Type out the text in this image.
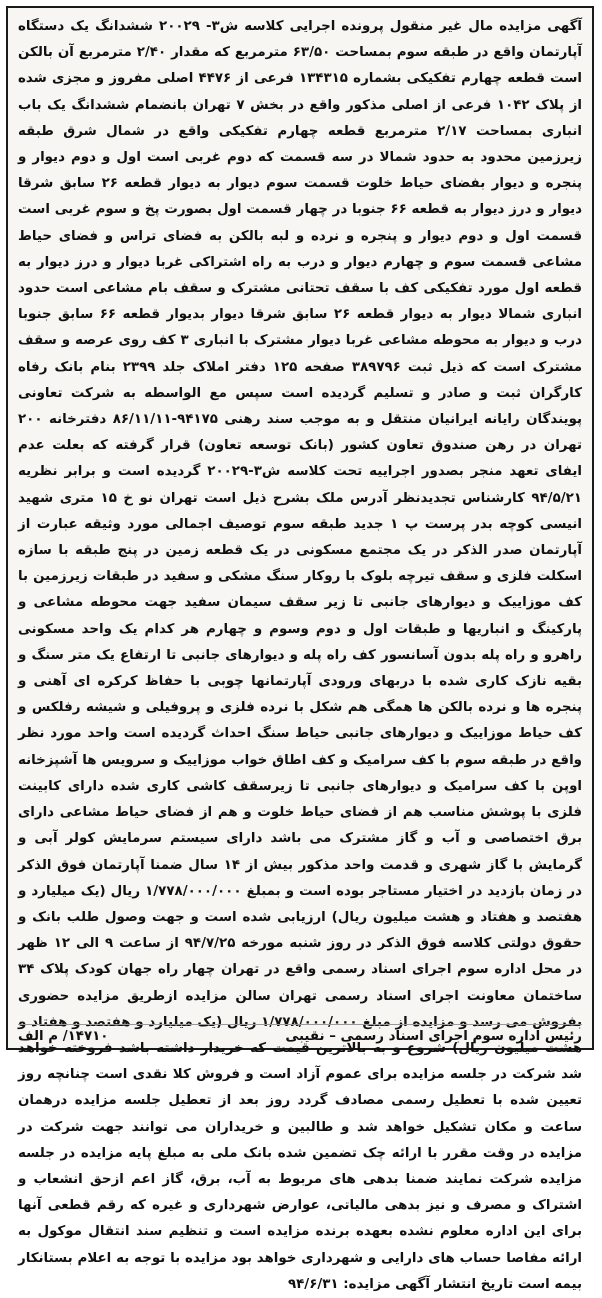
آگهی مزایده مال غیر منقول پرونده اجرایی کلاسه ش۳- ۲۰۰۲۹ ششدانگ یک دستگاه آپارتمان واقع در طبقه سوم بمساحت ۶۳/۵۰ مترمربع که مقدار ۲/۴۰ مترمربع آن بالکن است قطعه چهارم تفکیکی بشماره ۱۳۴۳۱۵ فرعی از ۴۴۷۶ اصلی مفروز و مجزی شده از پلاک ۱۰۴۲ فرعی از اصلی مذکور واقع در بخش ۷ تهران بانضمام ششدانگ یک باب انباری بمساحت ۲/۱۷ مترمربع قطعه چهارم تفکیکی واقع در شمال شرق طبقه زیرزمین محدود به حدود شمالا در سه قسمت که دوم غربی است اول و دوم دیوار و پنجره و دیوار بفضای حیاط خلوت قسمت سوم دیوار به دیوار قطعه ۲۶ سابق شرقا دیوار و درز دیوار به قطعه ۶۶ جنوبا در چهار قسمت اول بصورت پخ و سوم غربی است قسمت اول و دوم دیوار و پنجره و نرده و لبه بالکن به فضای تراس و فضای حیاط مشاعی قسمت سوم و چهارم دیوار و درب به راه اشتراکی غربا دیوار و درز دیوار به قطعه اول مورد تفکیکی کف با سقف تحتانی مشترک و سقف بام مشاعی است حدود انباری شمالا دیوار به دیوار قطعه ۲۶ سابق شرقا دیوار بدیوار قطعه ۶۶ سابق جنوبا درب و دیوار به محوطه مشاعی غربا دیوار مشترک با انباری ۳ کف روی عرصه و سقف مشترک است که ذیل ثبت ۳۸۹۷۹۶ صفحه ۱۲۵ دفتر املاک جلد ۲۳۹۹ بنام بانک رفاه کارگران ثبت و صادر و تسلیم گردیده است سپس مع الواسطه به شرکت تعاونی پویندگان رایانه ایرانیان منتقل و به موجب سند رهنی ۹۴۱۷۵-۸۶/۱۱/۱۱ دفترخانه ۲۰۰ تهران در رهن صندوق تعاون کشور (بانک توسعه تعاون) قرار گرفته که بعلت عدم ایفای تعهد منجر بصدور اجراییه تحت کلاسه ش۳-۲۰۰۲۹ گردیده است و برابر نظریه ۹۴/۵/۲۱ کارشناس تجدیدنظر آدرس ملک بشرح ذیل است تهران نو خ ۱۵ متری شهید انیسی کوچه بدر پرست پ ۱ جدید طبقه سوم توصیف اجمالی مورد وثیقه عبارت از آپارتمان صدر الذکر در یک مجتمع مسکونی در یک قطعه زمین در پنج طبقه با سازه اسکلت فلزی و سقف تیرچه بلوک با روکار سنگ مشکی و سفید در طبقات زیرزمین با کف موزاییک و دیوارهای جانبی تا زیر سقف سیمان سفید جهت محوطه مشاعی و پارکینگ و انباریها و طبقات اول و دوم وسوم و چهارم هر کدام یک واحد مسکونی راهرو و راه پله بدون آسانسور کف راه پله و دیوارهای جانبی تا ارتفاع یک متر سنگ و بقیه نازک کاری شده با دربهای ورودی آپارتمانها چوبی با حفاظ کرکره ای آهنی و پنجره ها و نرده بالکن ها همگی هم شکل با نرده فلزی و پروفیلی و شیشه رفلکس و کف حیاط موزاییک و دیوارهای جانبی حیاط سنگ احداث گردیده است واحد مورد نظر واقع در طبقه سوم با کف سرامیک و کف اطاق خواب موزاییک و سرویس ها آشپزخانه اوپن با کف سرامیک و دیوارهای جانبی تا زیرسقف کاشی کاری شده دارای کابینت فلزی با پوشش مناسب هم از فضای حیاط خلوت و هم از فضای حیاط مشاعی دارای برق اختصاصی و آب و گاز مشترک می باشد دارای سیستم سرمایش کولر آبی و گرمایش با گاز شهری و قدمت واحد مذکور بیش از ۱۴ سال ضمنا آپارتمان فوق الذکر در زمان بازدید در اختیار مستاجر بوده است و بمبلغ ۱/۷۷۸/۰۰۰/۰۰۰ ریال (یک میلیارد و هفتصد و هفتاد و هشت میلیون ریال) ارزیابی شده است و جهت وصول طلب بانک و حقوق دولتی کلاسه فوق الذکر در روز شنبه مورخه ۹۴/۷/۲۵ از ساعت ۹ الی ۱۲ ظهر در محل اداره سوم اجرای اسناد رسمی واقع در تهران چهار راه جهان کودک پلاک ۳۴ ساختمان معاونت اجرای اسناد رسمی تهران سالن مزایده ازطریق مزایده حضوری بفروش می رسد و مزایده از مبلغ ۱/۷۷۸/۰۰۰/۰۰۰ ریال (یک میلیارد و هفتصد و هفتاد و هشت میلیون ریال) شروع و به بالاترین قیمت که خریدار داشته باشد فروخته خواهد شد شرکت در جلسه مزایده برای عموم آزاد است و فروش کلا نقدی است چنانچه روز تعیین شده با تعطیل رسمی مصادف گردد روز بعد از تعطیل جلسه مزایده درهمان ساعت و مکان تشکیل خواهد شد و طالبین و خریداران می توانند جهت شرکت در مزایده در وقت مقرر با ارائه چک تضمین شده بانک ملی به مبلغ پایه مزایده در جلسه مزایده شرکت نمایند ضمنا بدهی های مربوط به آب، برق، گاز اعم ازحق انشعاب و اشتراک و مصرف و نیز بدهی مالیاتی، عوارض شهرداری و غیره که رقم قطعی آنها برای این اداره معلوم نشده بعهده برنده مزایده است و تنظیم سند انتقال موکول به ارائه مفاصا حساب های دارایی و شهرداری خواهد بود مزایده با توجه به اعلام بستانکار بیمه است تاریخ انتشار آگهی مزایده: ۹۴/۶/۳۱

رئیس اداره سوم اجرای اسناد رسمی – نقیبی
۱۴۷۱۰/ م الف
